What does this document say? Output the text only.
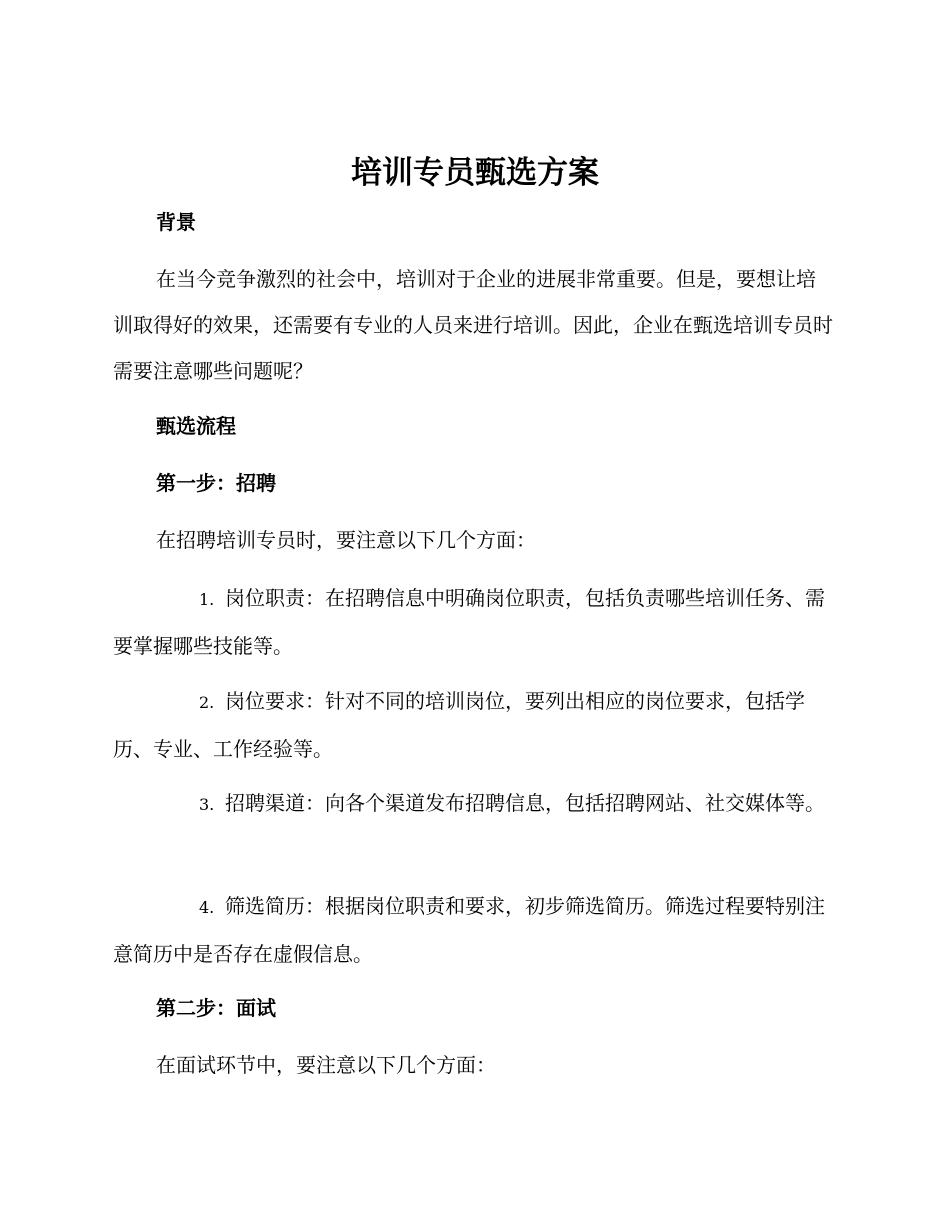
培训专员甄选方案

背景

在当今竞争激烈的社会中，培训对于企业的进展非常重要。但是，要想让培训取得好的效果，还需要有专业的人员来进行培训。因此，企业在甄选培训专员时需要注意哪些问题呢？

甄选流程

第一步：招聘

在招聘培训专员时，要注意以下几个方面：

1. 岗位职责：在招聘信息中明确岗位职责，包括负责哪些培训任务、需要掌握哪些技能等。

2. 岗位要求：针对不同的培训岗位，要列出相应的岗位要求，包括学历、专业、工作经验等。

3. 招聘渠道：向各个渠道发布招聘信息，包括招聘网站、社交媒体等。

4. 筛选简历：根据岗位职责和要求，初步筛选简历。筛选过程要特别注意简历中是否存在虚假信息。

第二步：面试

在面试环节中，要注意以下几个方面：
